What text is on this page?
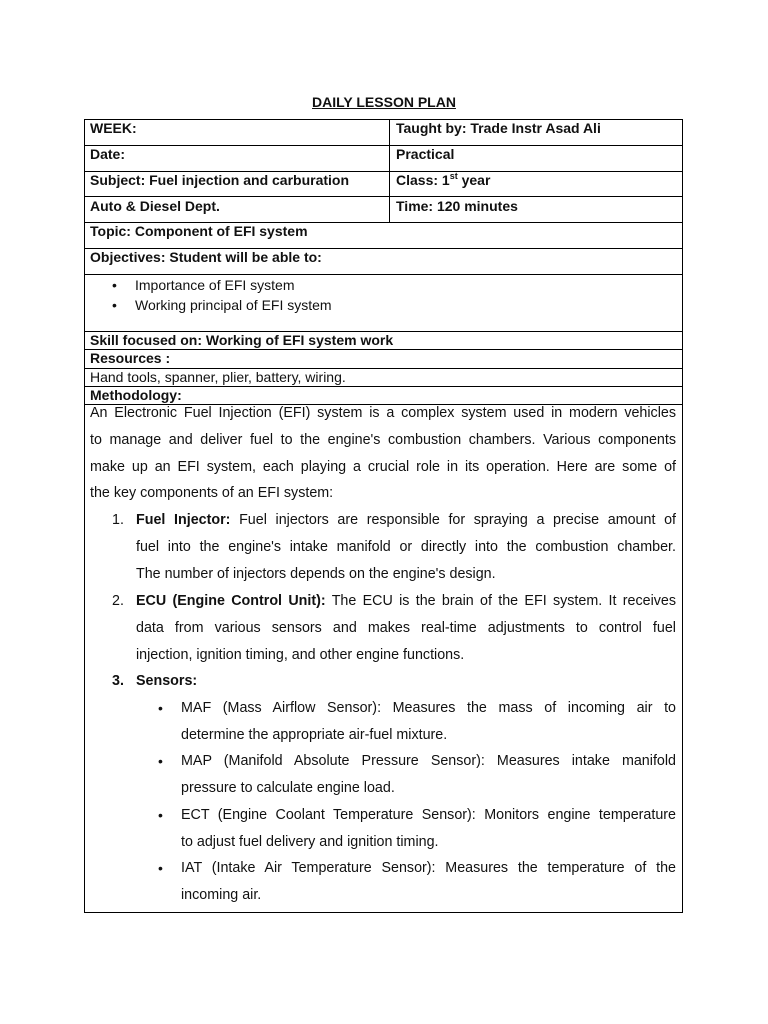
DAILY LESSON PLAN
WEEK:	Taught by: Trade Instr Asad Ali
Date:	Practical
Subject: Fuel injection and carburation	Class: 1st year
Auto & Diesel Dept.	Time: 120 minutes
Topic: Component of EFI system
Objectives: Student will be able to:
• Importance of EFI system
• Working principal of EFI system
Skill focused on: Working of EFI system work
Resources :
Hand tools, spanner, plier, battery, wiring.
Methodology:
An Electronic Fuel Injection (EFI) system is a complex system used in modern vehicles
to manage and deliver fuel to the engine's combustion chambers. Various components
make up an EFI system, each playing a crucial role in its operation. Here are some of
the key components of an EFI system:
1. Fuel Injector: Fuel injectors are responsible for spraying a precise amount of
fuel into the engine's intake manifold or directly into the combustion chamber.
The number of injectors depends on the engine's design.
2. ECU (Engine Control Unit): The ECU is the brain of the EFI system. It receives
data from various sensors and makes real-time adjustments to control fuel
injection, ignition timing, and other engine functions.
3. Sensors:
• MAF (Mass Airflow Sensor): Measures the mass of incoming air to
determine the appropriate air-fuel mixture.
• MAP (Manifold Absolute Pressure Sensor): Measures intake manifold
pressure to calculate engine load.
• ECT (Engine Coolant Temperature Sensor): Monitors engine temperature
to adjust fuel delivery and ignition timing.
• IAT (Intake Air Temperature Sensor): Measures the temperature of the
incoming air.
